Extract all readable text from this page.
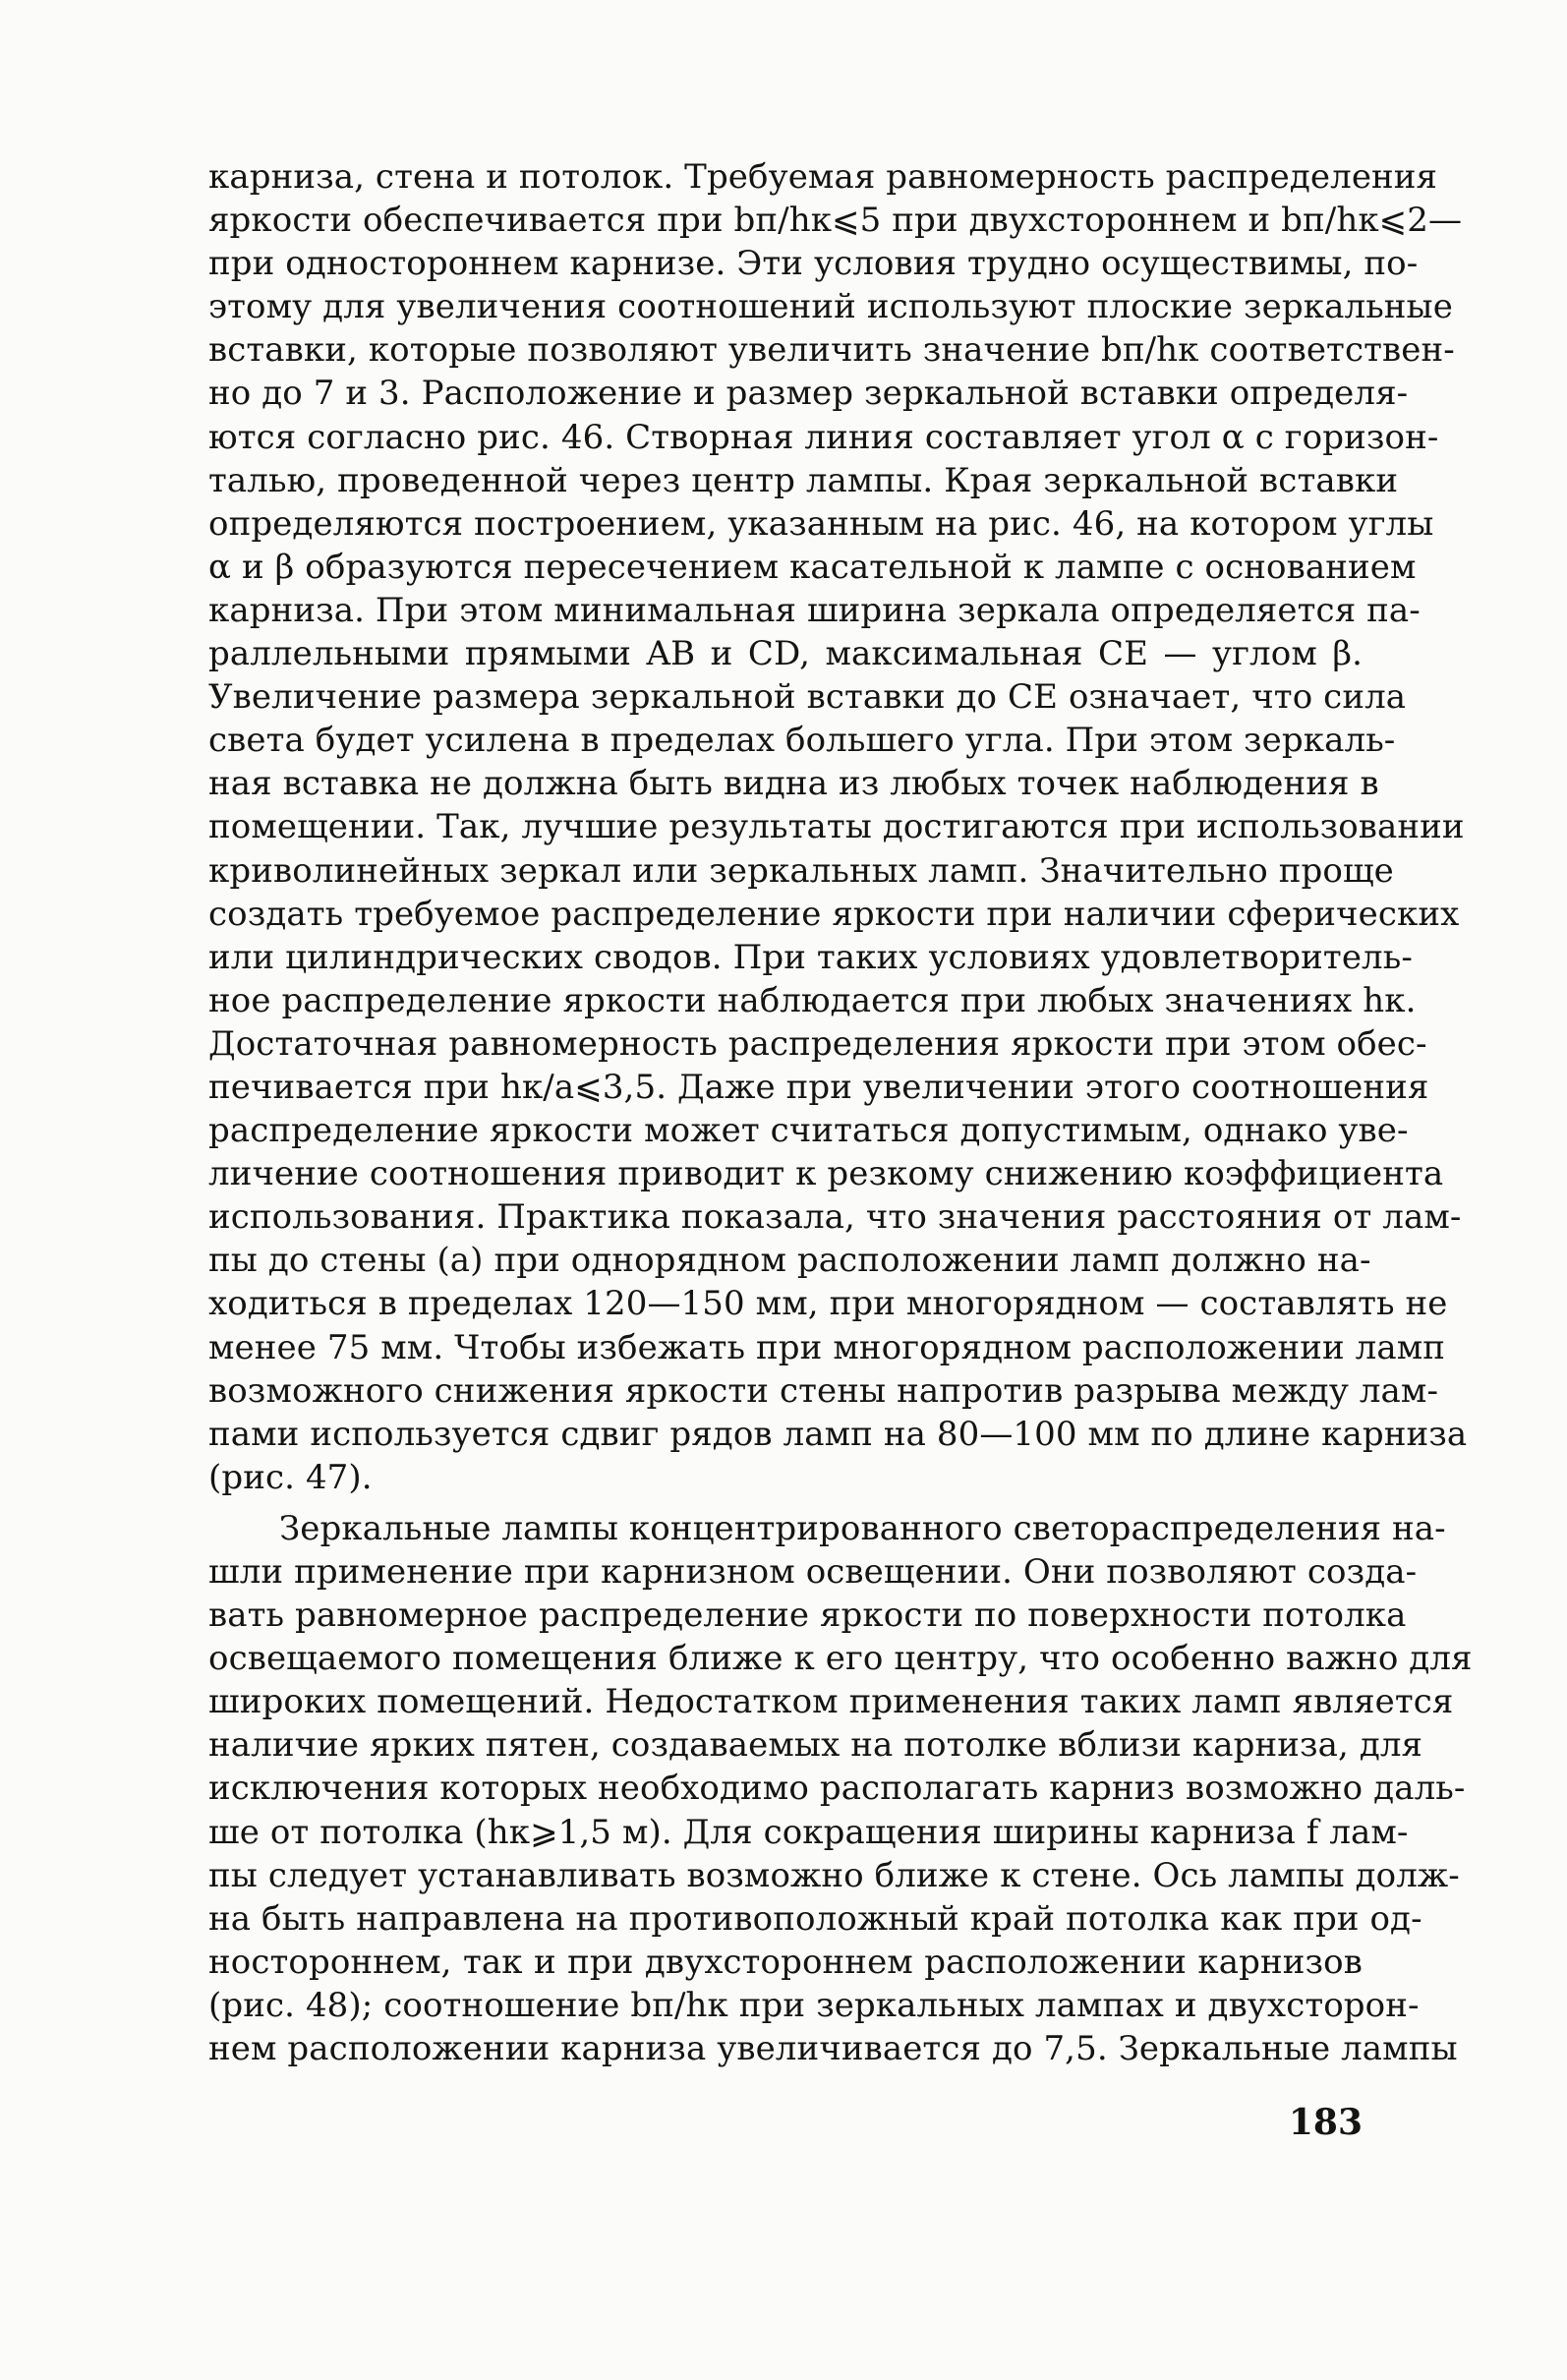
карниза, стена и потолок. Требуемая равномерность распределения
яркости обеспечивается при bп/hк⩽5 при двухстороннем и bп/hк⩽2—
при одностороннем карнизе. Эти условия трудно осуществимы, по-
этому для увеличения соотношений используют плоские зеркальные
вставки, которые позволяют увеличить значение bп/hк соответствен-
но до 7 и 3. Расположение и размер зеркальной вставки определя-
ются согласно рис. 46. Створная линия составляет угол α с горизон-
талью, проведенной через центр лампы. Края зеркальной вставки
определяются построением, указанным на рис. 46, на котором углы
α и β образуются пересечением касательной к лампе с основанием
карниза. При этом минимальная ширина зеркала определяется па-
раллельными прямыми AB и CD, максимальная CE — углом β.
Увеличение размера зеркальной вставки до CE означает, что сила
света будет усилена в пределах большего угла. При этом зеркаль-
ная вставка не должна быть видна из любых точек наблюдения в
помещении. Так, лучшие результаты достигаются при использовании
криволинейных зеркал или зеркальных ламп. Значительно проще
создать требуемое распределение яркости при наличии сферических
или цилиндрических сводов. При таких условиях удовлетворитель-
ное распределение яркости наблюдается при любых значениях hк.
Достаточная равномерность распределения яркости при этом обес-
печивается при hк/a⩽3,5. Даже при увеличении этого соотношения
распределение яркости может считаться допустимым, однако уве-
личение соотношения приводит к резкому снижению коэффициента
использования. Практика показала, что значения расстояния от лам-
пы до стены (a) при однорядном расположении ламп должно на-
ходиться в пределах 120—150 мм, при многорядном — составлять не
менее 75 мм. Чтобы избежать при многорядном расположении ламп
возможного снижения яркости стены напротив разрыва между лам-
пами используется сдвиг рядов ламп на 80—100 мм по длине карниза
(рис. 47).

Зеркальные лампы концентрированного светораспределения на-
шли применение при карнизном освещении. Они позволяют созда-
вать равномерное распределение яркости по поверхности потолка
освещаемого помещения ближе к его центру, что особенно важно для
широких помещений. Недостатком применения таких ламп является
наличие ярких пятен, создаваемых на потолке вблизи карниза, для
исключения которых необходимо располагать карниз возможно даль-
ше от потолка (hк⩾1,5 м). Для сокращения ширины карниза f лам-
пы следует устанавливать возможно ближе к стене. Ось лампы долж-
на быть направлена на противоположный край потолка как при од-
ностороннем, так и при двухстороннем расположении карнизов
(рис. 48); соотношение bп/hк при зеркальных лампах и двухсторон-
нем расположении карниза увеличивается до 7,5. Зеркальные лампы

183
